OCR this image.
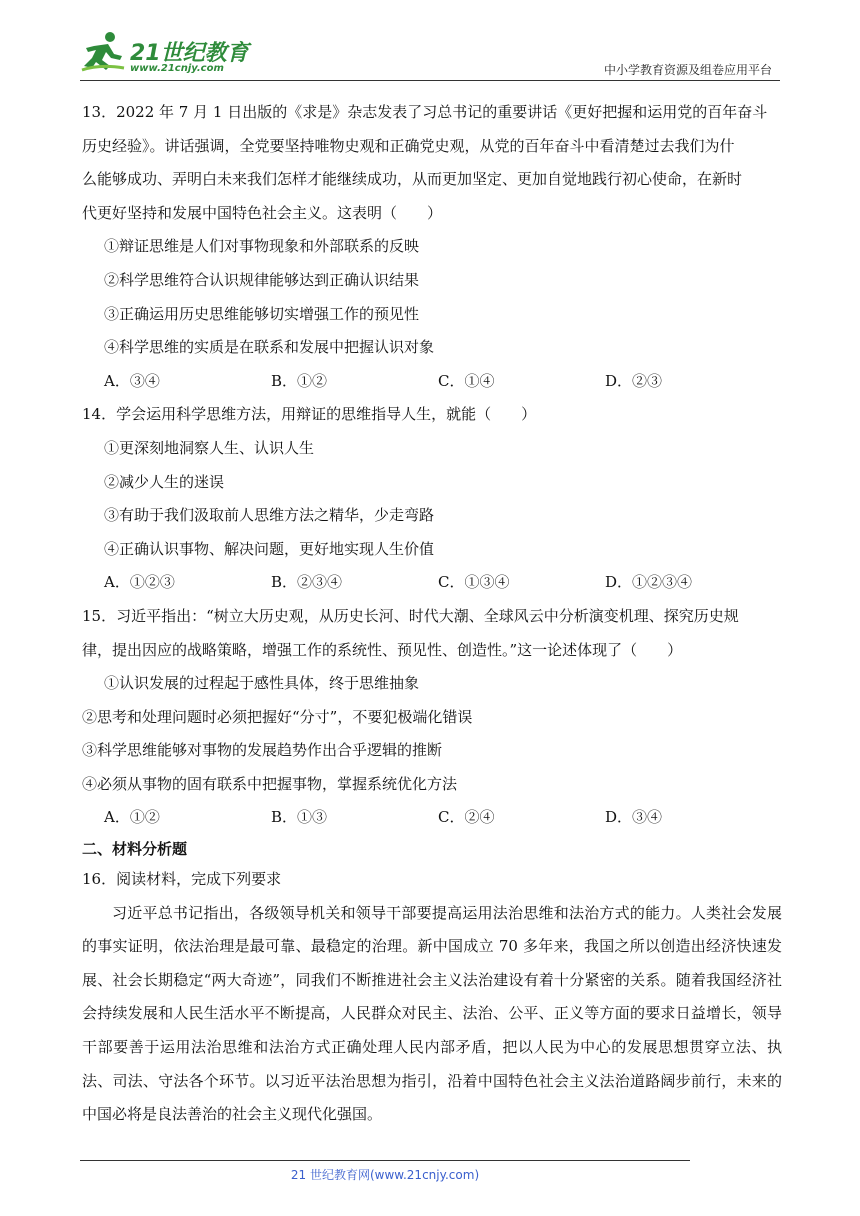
21世纪教育
www.21cnjy.com	中小学教育资源及组卷应用平台
13．2022 年 7 月 1 日出版的《求是》杂志发表了习总书记的重要讲话《更好把握和运用党的百年奋斗
历史经验》。讲话强调，全党要坚持唯物史观和正确党史观，从党的百年奋斗中看清楚过去我们为什
么能够成功、弄明白未来我们怎样才能继续成功，从而更加坚定、更加自觉地践行初心使命，在新时
代更好坚持和发展中国特色社会主义。这表明（　　）
①辩证思维是人们对事物现象和外部联系的反映
②科学思维符合认识规律能够达到正确认识结果
③正确运用历史思维能够切实增强工作的预见性
④科学思维的实质是在联系和发展中把握认识对象
A．③④	B．①②	C．①④	D．②③
14．学会运用科学思维方法，用辩证的思维指导人生，就能（　　）
①更深刻地洞察人生、认识人生
②减少人生的迷误
③有助于我们汲取前人思维方法之精华，少走弯路
④正确认识事物、解决问题，更好地实现人生价值
A．①②③	B．②③④	C．①③④	D．①②③④
15．习近平指出：“树立大历史观，从历史长河、时代大潮、全球风云中分析演变机理、探究历史规
律，提出因应的战略策略，增强工作的系统性、预见性、创造性。”这一论述体现了（　　）
①认识发展的过程起于感性具体，终于思维抽象
②思考和处理问题时必须把握好“分寸”，不要犯极端化错误
③科学思维能够对事物的发展趋势作出合乎逻辑的推断
④必须从事物的固有联系中把握事物，掌握系统优化方法
A．①②	B．①③	C．②④	D．③④
二、材料分析题
16．阅读材料，完成下列要求
习近平总书记指出，各级领导机关和领导干部要提高运用法治思维和法治方式的能力。人类社会发展的事实证明，依法治理是最可靠、最稳定的治理。新中国成立 70 多年来，我国之所以创造出经济快速发展、社会长期稳定“两大奇迹”，同我们不断推进社会主义法治建设有着十分紧密的关系。随着我国经济社会持续发展和人民生活水平不断提高，人民群众对民主、法治、公平、正义等方面的要求日益增长，领导干部要善于运用法治思维和法治方式正确处理人民内部矛盾，把以人民为中心的发展思想贯穿立法、执法、司法、守法各个环节。以习近平法治思想为指引，沿着中国特色社会主义法治道路阔步前行，未来的中国必将是良法善治的社会主义现代化强国。
21 世纪教育网(www.21cnjy.com)
